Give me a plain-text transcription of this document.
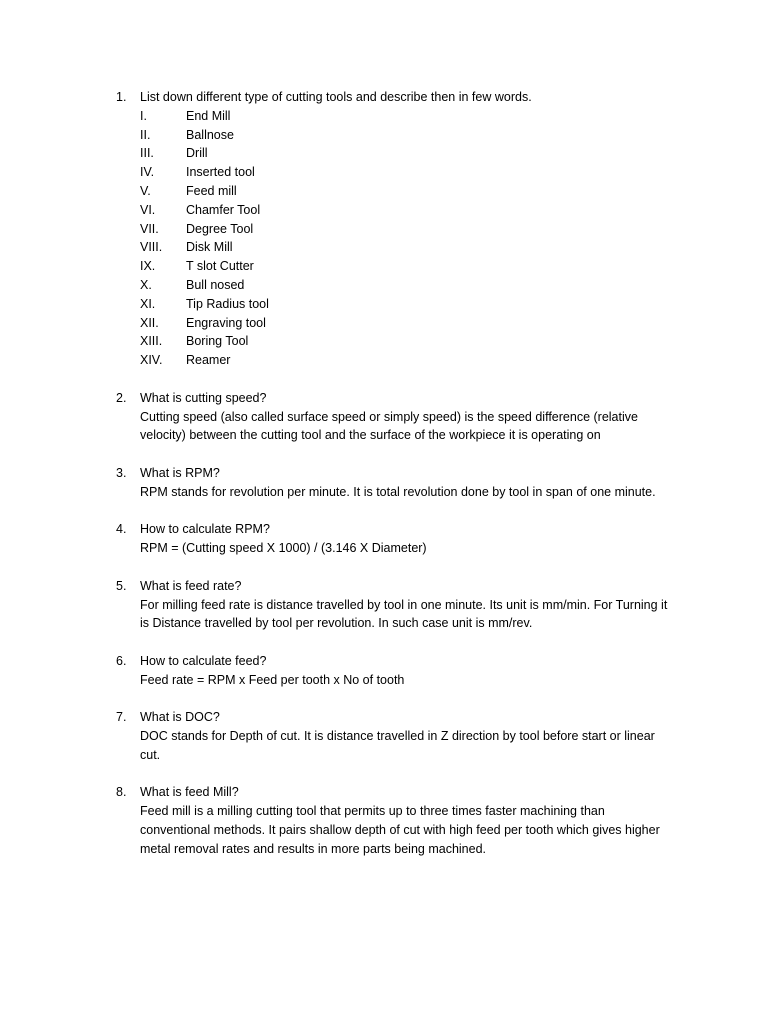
1.	List down different type of cutting tools and describe then in few words.
I.	End Mill
II.	Ballnose
III.	Drill
IV.	Inserted tool
V.	Feed mill
VI.	Chamfer Tool
VII.	Degree Tool
VIII.	Disk Mill
IX.	T slot Cutter
X.	Bull nosed
XI.	Tip Radius tool
XII.	Engraving tool
XIII.	Boring Tool
XIV.	Reamer
2.	What is cutting speed?
Cutting speed (also called surface speed or simply speed) is the speed difference (relative velocity) between the cutting tool and the surface of the workpiece it is operating on
3.	What is RPM?
RPM stands for revolution per minute. It is total revolution done by tool in span of one minute.
4.	How to calculate RPM?
RPM = (Cutting speed X 1000) / (3.146 X Diameter)
5.	What is feed rate?
For milling feed rate is distance travelled by tool in one minute. Its unit is mm/min. For Turning it is Distance travelled by tool per revolution. In such case unit is mm/rev.
6.	How to calculate feed?
Feed rate = RPM x Feed per tooth x No of tooth
7.	What is DOC?
DOC stands for Depth of cut. It is distance travelled in Z direction by tool before start or linear cut.
8.	What is feed Mill?
Feed mill is a milling cutting tool that permits up to three times faster machining than conventional methods. It pairs shallow depth of cut with high feed per tooth which gives higher metal removal rates and results in more parts being machined.
